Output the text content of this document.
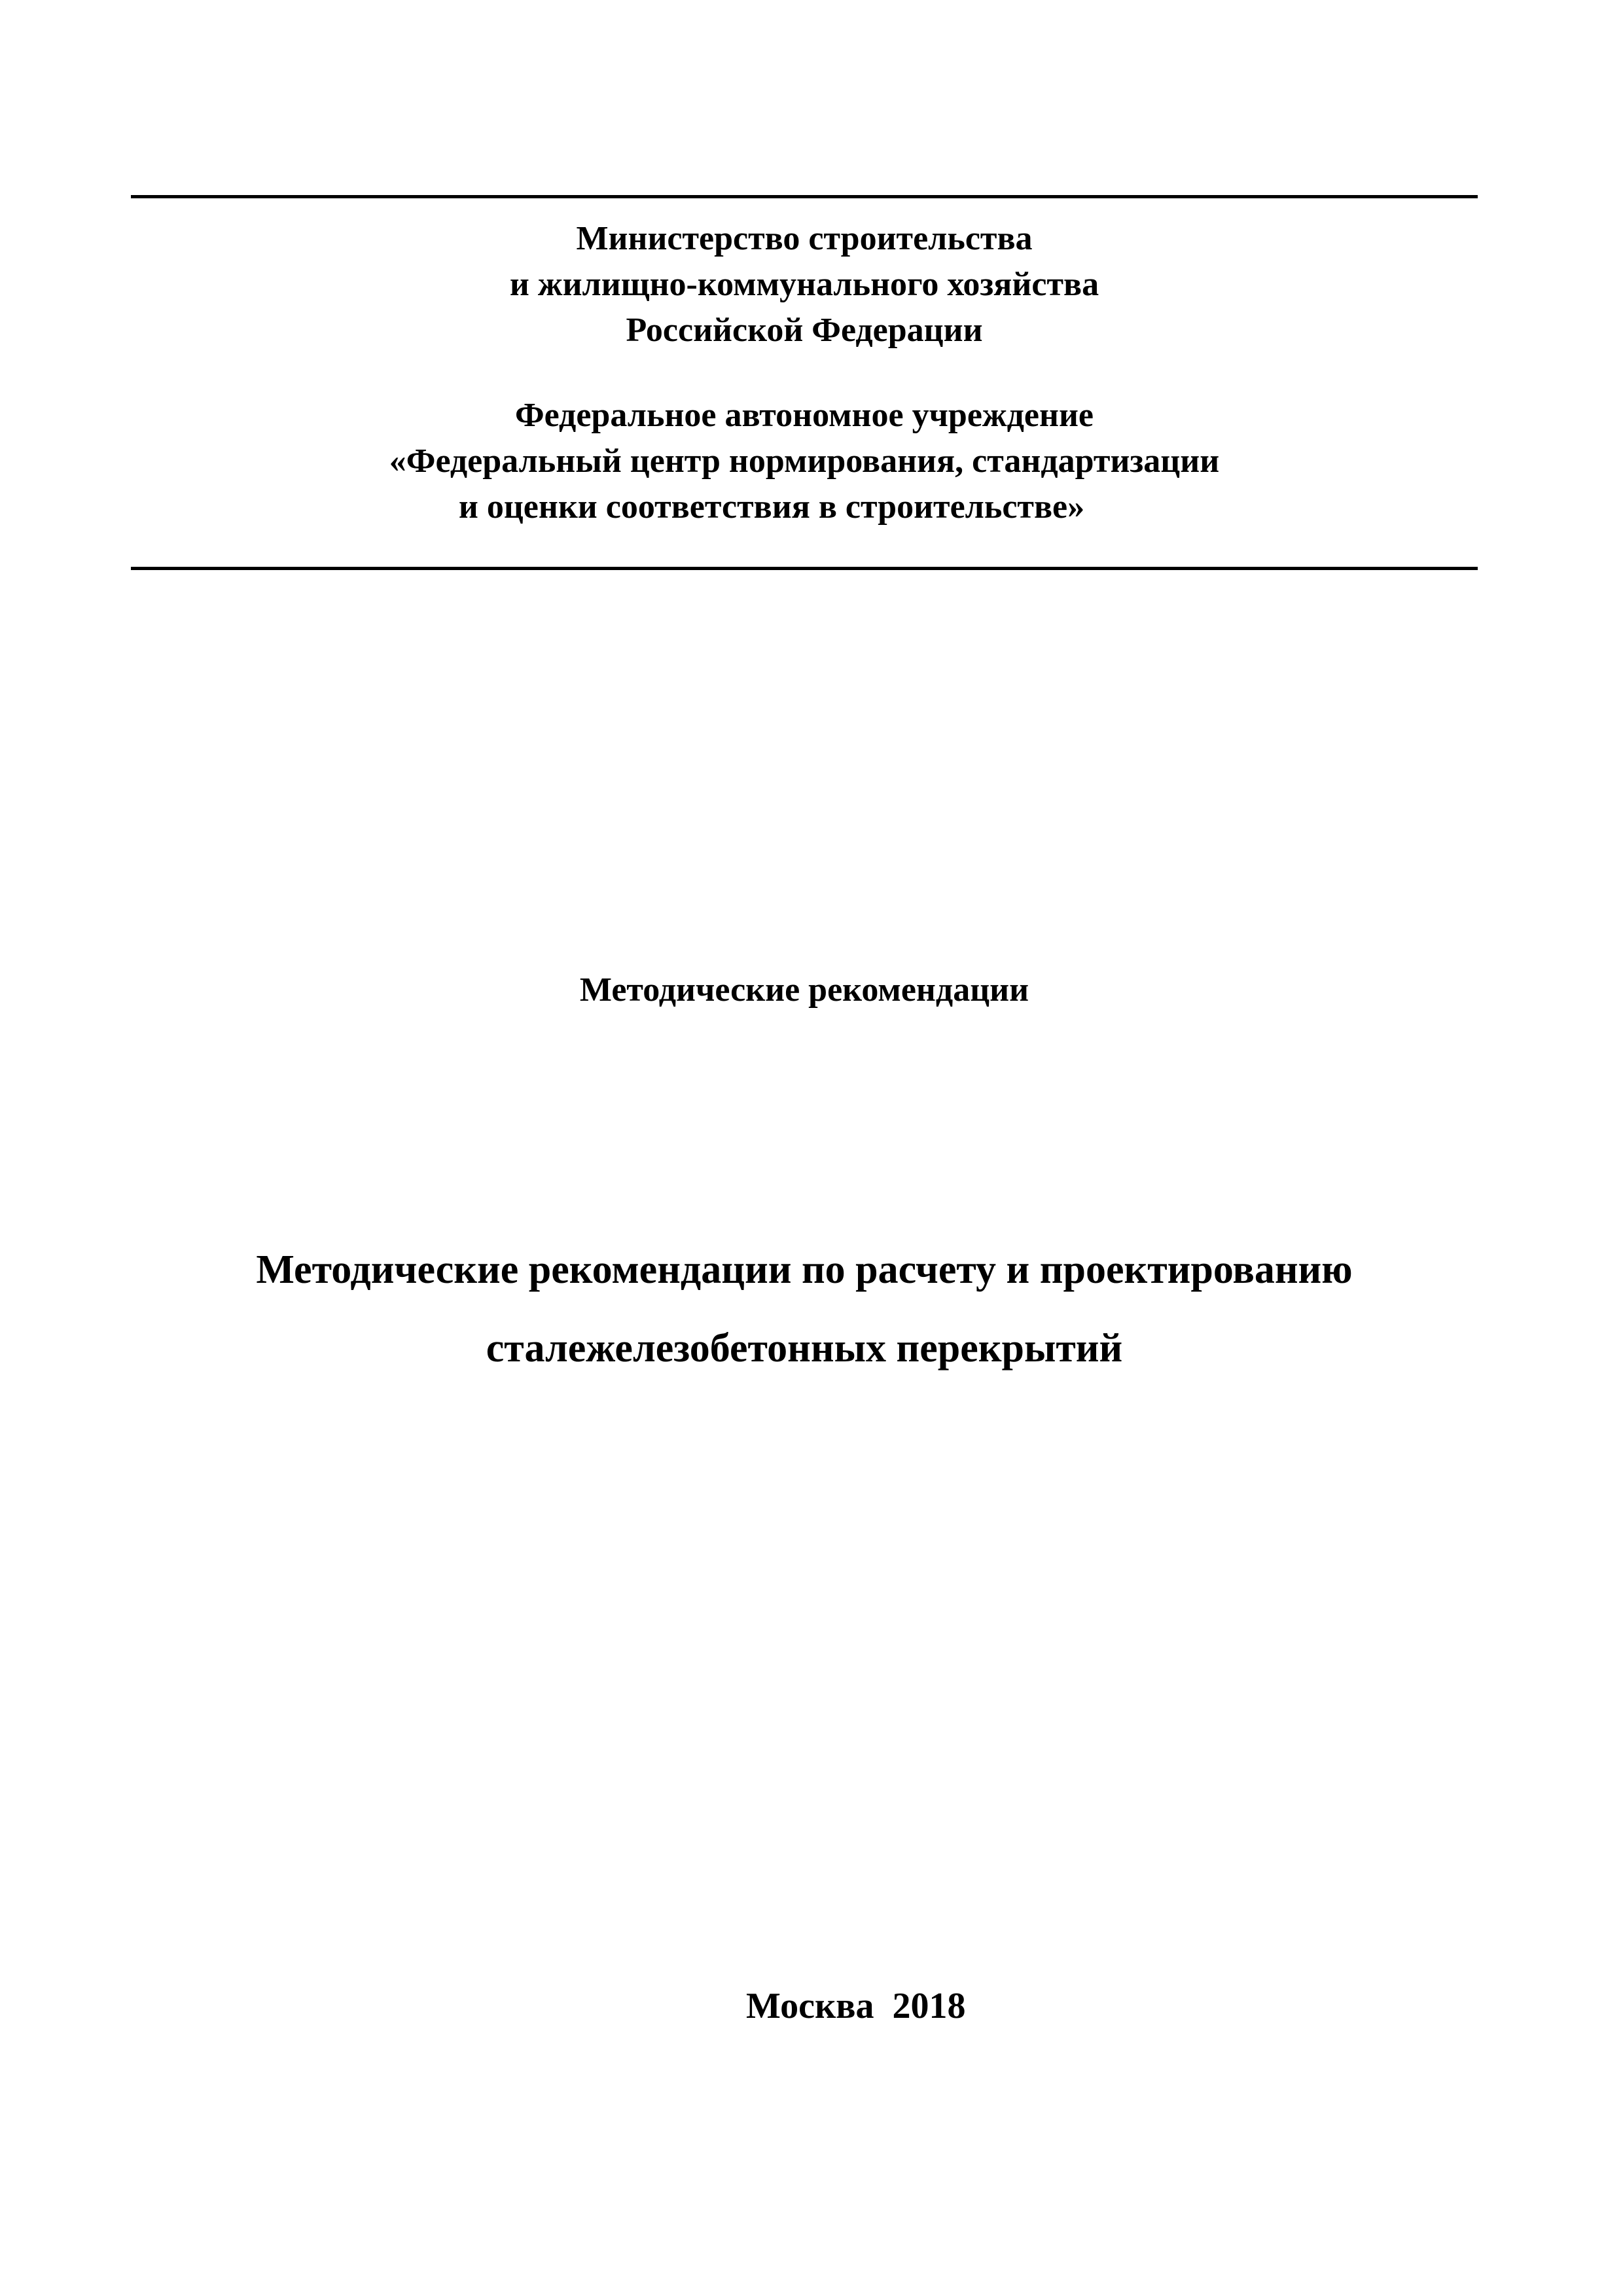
Министерство строительства
и жилищно-коммунального хозяйства
Российской Федерации
Федеральное автономное учреждение
«Федеральный центр нормирования, стандартизации
и оценки соответствия в строительстве»
Методические рекомендации
Методические рекомендации по расчету и проектированию
сталежелезобетонных перекрытий
Москва  2018
